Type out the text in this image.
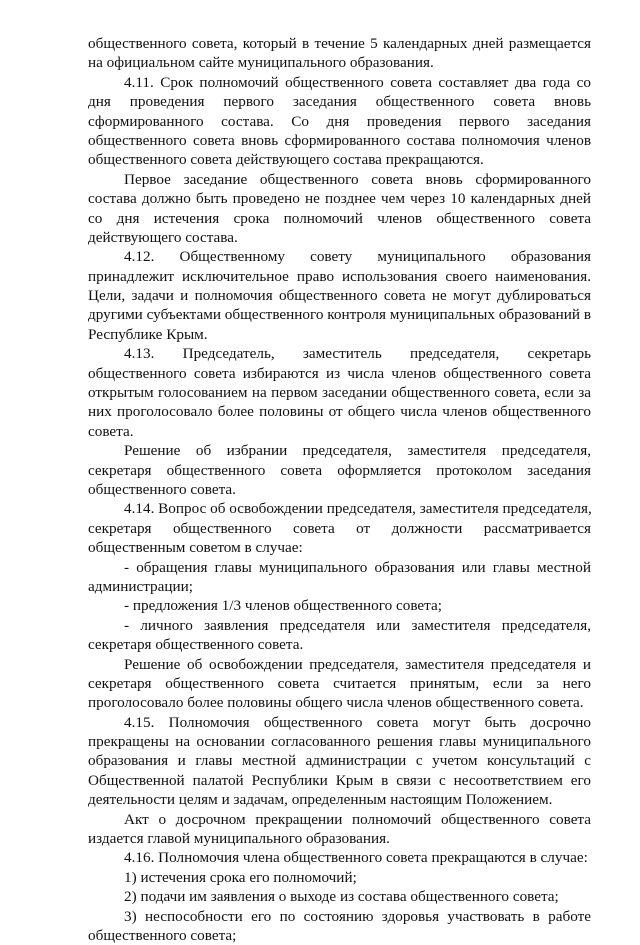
общественного совета, который в течение 5 календарных дней размещается
на официальном сайте муниципального образования.
4.11. Срок полномочий общественного совета составляет два года со
дня проведения первого заседания общественного совета вновь
сформированного состава. Со дня проведения первого заседания
общественного совета вновь сформированного состава полномочия членов
общественного совета действующего состава прекращаются.
Первое заседание общественного совета вновь сформированного
состава должно быть проведено не позднее чем через 10 календарных дней
со дня истечения срока полномочий членов общественного совета
действующего состава.
4.12. Общественному совету муниципального образования
принадлежит исключительное право использования своего наименования.
Цели, задачи и полномочия общественного совета не могут дублироваться
другими субъектами общественного контроля муниципальных образований в
Республике Крым.
4.13. Председатель, заместитель председателя, секретарь
общественного совета избираются из числа членов общественного совета
открытым голосованием на первом заседании общественного совета, если за
них проголосовало более половины от общего числа членов общественного
совета.
Решение об избрании председателя, заместителя председателя,
секретаря общественного совета оформляется протоколом заседания
общественного совета.
4.14. Вопрос об освобождении председателя, заместителя председателя,
секретаря общественного совета от должности рассматривается
общественным советом в случае:
- обращения главы муниципального образования или главы местной
администрации;
- предложения 1/3 членов общественного совета;
- личного заявления председателя или заместителя председателя,
секретаря общественного совета.
Решение об освобождении председателя, заместителя председателя и
секретаря общественного совета считается принятым, если за него
проголосовало более половины общего числа членов общественного совета.
4.15. Полномочия общественного совета могут быть досрочно
прекращены на основании согласованного решения главы муниципального
образования и главы местной администрации с учетом консультаций с
Общественной палатой Республики Крым в связи с несоответствием его
деятельности целям и задачам, определенным настоящим Положением.
Акт о досрочном прекращении полномочий общественного совета
издается главой муниципального образования.
4.16. Полномочия члена общественного совета прекращаются в случае:
1) истечения срока его полномочий;
2) подачи им заявления о выходе из состава общественного совета;
3) неспособности его по состоянию здоровья участвовать в работе
общественного совета;
